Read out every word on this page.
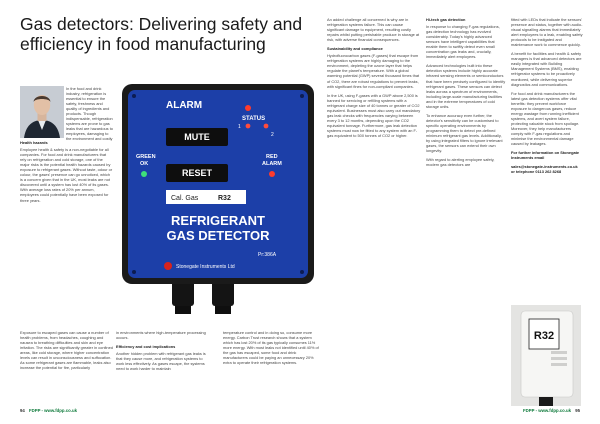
Gas detectors: Delivering safety and efficiency in food manufacturing

In the food and drink industry, refrigeration is essential to ensure the safety, freshness and quality of ingredients and products. Though indispensable, refrigeration systems are prone to gas leaks that are hazardous to employees, damaging to the environment and costly

Health hazards

Employee health & safety is a non-negotiable for all companies. For food and drink manufacturers that rely on refrigeration and cold storage, one of the major risks is the potential health hazards caused by exposure to refrigerant gases. Without taste, odour or colour, the gases' presence can go unnoticed, which is a concern given that in the UK, most leaks are not discovered until a system has lost 40% of its gases. With average loss rates of 20% per annum, employees could potentially have been exposed for three years.

Exposure to escaped gases can cause a number of health problems, from headaches, coughing and nausea to breathing difficulties and skin and eye irritation. The risks are significantly greater in confined areas, like cold storage, where higher concentration levels can result in unconsciousness and suffocation. As some refrigerant gases are flammable, leaks also increase the potential for fire, particularly

ALARM
STATUS
1
2
MUTE
GREEN OK
RED ALARM
RESET
Cal. Gas	R32
REFRIGERANT
GAS DETECTOR
Pr:386A
Stonegate Instruments Ltd

in environments where high-temperature processing occurs.

Efficiency and cost implications

Another hidden problem with refrigerant gas leaks is that they cause more, and refrigeration systems to work less effectively. As gases escape, the systems need to work harder to maintain

temperature control and in doing so, consume more energy. Carbon Trust research shows that a system which has lost 20% of its gas typically consumes 11% more energy. With most leaks not identified until 40% of the gas has escaped, some food and drink manufacturers could be paying an unnecessary 20% extra to operate their refrigeration systems.

An added challenge all concerned is why are in refrigeration systems failure. This can cause significant damage to equipment, resulting costly repairs whilst putting perishable produce in storage at risk, with adverse financial consequences.

Sustainability and compliance

Hydrofluorocarbon gases (F-gases) that escape from refrigeration systems are highly damaging to the environment, depleting the ozone layer that helps regulate the planet's temperature. With a global warming potential (GWP) several thousand times that of CO2, there are robust regulations to prevent leaks, with significant fines for non-compliant companies.

In the UK, using F-gases with a GWP above 2,500 is banned for servicing or refilling systems with a refrigerant charge size of 40 tonnes or greater of CO2 equivalent. Businesses must also carry out mandatory gas leak checks with frequencies varying between every 3 to 12 months, depending upon the CO2 equivalent tonnage. Furthermore, gas leak detection systems must now be fitted to any system with an F-gas equivalent to 500 tonnes of CO2 or higher.

Hi-tech gas detection

In response to changing F-gas regulations, gas detection technology has evolved considerably. Today's highly advanced sensors have intelligent capabilities that enable them to swiftly detect even small concentration gas leaks and, crucially, immediately alert employees.

Advanced technologies built into these detection systems include highly accurate infrared sensing elements or semiconductors that have been precisely configured to identify refrigerant gases. These sensors can detect leaks across a spectrum of environments, including large-scale manufacturing facilities and in the extreme temperatures of cold storage units.

To enhance accuracy even further, the detector's sensitivity can be customised to specific operating environments by programming them to detect pre-defined minimum refrigerant gas levels. Additionally, by using integrated filters to ignore irrelevant gases, the sensors can extend their own longevity.

With regard to alerting employee safety, modern gas detectors are

fitted with LEDs that indicate the sensors' presence and status, together with audio-visual signalling alarms that immediately alert employees to a leak, enabling safety protocols to be instigated and maintenance work to commence quickly.

A benefit for facilities and health & safety managers is that advanced detectors are easily integrated with Building Management Systems (BMS), enabling refrigerator systems to be proactively monitored, while delivering superior diagnostics and communications.

For food and drink manufacturers the latest gas detection systems offer vital benefits: they prevent workforce exposure to dangerous gases, reduce energy wastage from running inefficient systems, and avert system failure, protecting valuable stock from spoilage. Moreover, they help manufacturers comply with F-gas regulations and minimise the environmental damage caused by leakages.

For further information on Stonegate Instruments email

sales@stonegate-instruments.co.uk

or telephone 0113 262 8268

R32
94 FDPP - www.fdpp.co.uk	FDPP - www.fdpp.co.uk 95
